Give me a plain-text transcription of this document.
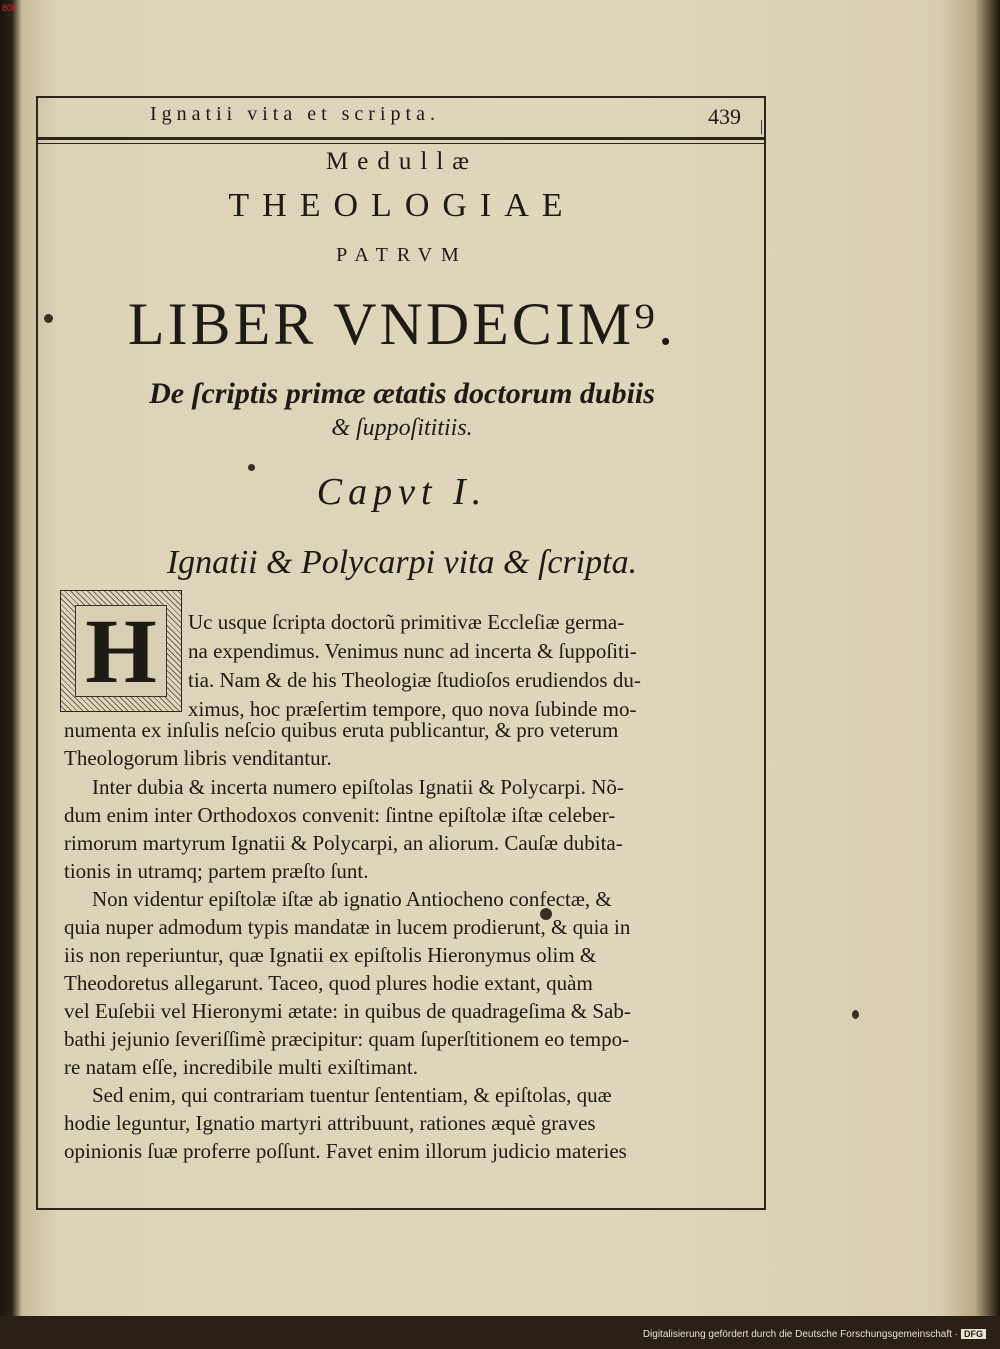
808
Ignatii vita et scripta.	439 |
Medullæ
THEOLOGIAE
PATRVM
LIBER VNDECIM⁹.
De ſcriptis primæ ætatis doctorum dubiis
& ſuppoſititiis.
Capvt I.
Ignatii & Polycarpi vita & ſcripta.
H Uc usque ſcripta doctorũ primitivæ Eccleſiæ germa-
na expendimus. Venimus nunc ad incerta & ſuppoſiti-
tia. Nam & de his Theologiæ ſtudioſos erudiendos du-
ximus, hoc præſertim tempore, quo nova ſubinde mo-
numenta ex inſulis neſcio quibus eruta publicantur, & pro veterum
Theologorum libris venditantur.
Inter dubia & incerta numero epiſtolas Ignatii & Polycarpi. Nõ-
dum enim inter Orthodoxos convenit: ſintne epiſtolæ iſtæ celeber-
rimorum martyrum Ignatii & Polycarpi, an aliorum. Cauſæ dubita-
tionis in utramq; partem præſto ſunt.
Non videntur epiſtolæ iſtæ ab ignatio Antiocheno confectæ, &
quia nuper admodum typis mandatæ in lucem prodierunt, & quia in
iis non reperiuntur, quæ Ignatii ex epiſtolis Hieronymus olim &
Theodoretus allegarunt. Taceo, quod plures hodie extant, quàm
vel Euſebii vel Hieronymi ætate: in quibus de quadrageſima & Sab-
bathi jejunio ſeveriſſimè præcipitur: quam ſuperſtitionem eo tempo-
re natam eſſe, incredibile multi exiſtimant.
Sed enim, qui contrariam tuentur ſententiam, & epiſtolas, quæ
hodie leguntur, Ignatio martyri attribuunt, rationes æquè graves
opinionis ſuæ proferre poſſunt. Favet enim illorum judicio materies
Digitalisierung gefördert durch die Deutsche Forschungsgemeinschaft · DFG
